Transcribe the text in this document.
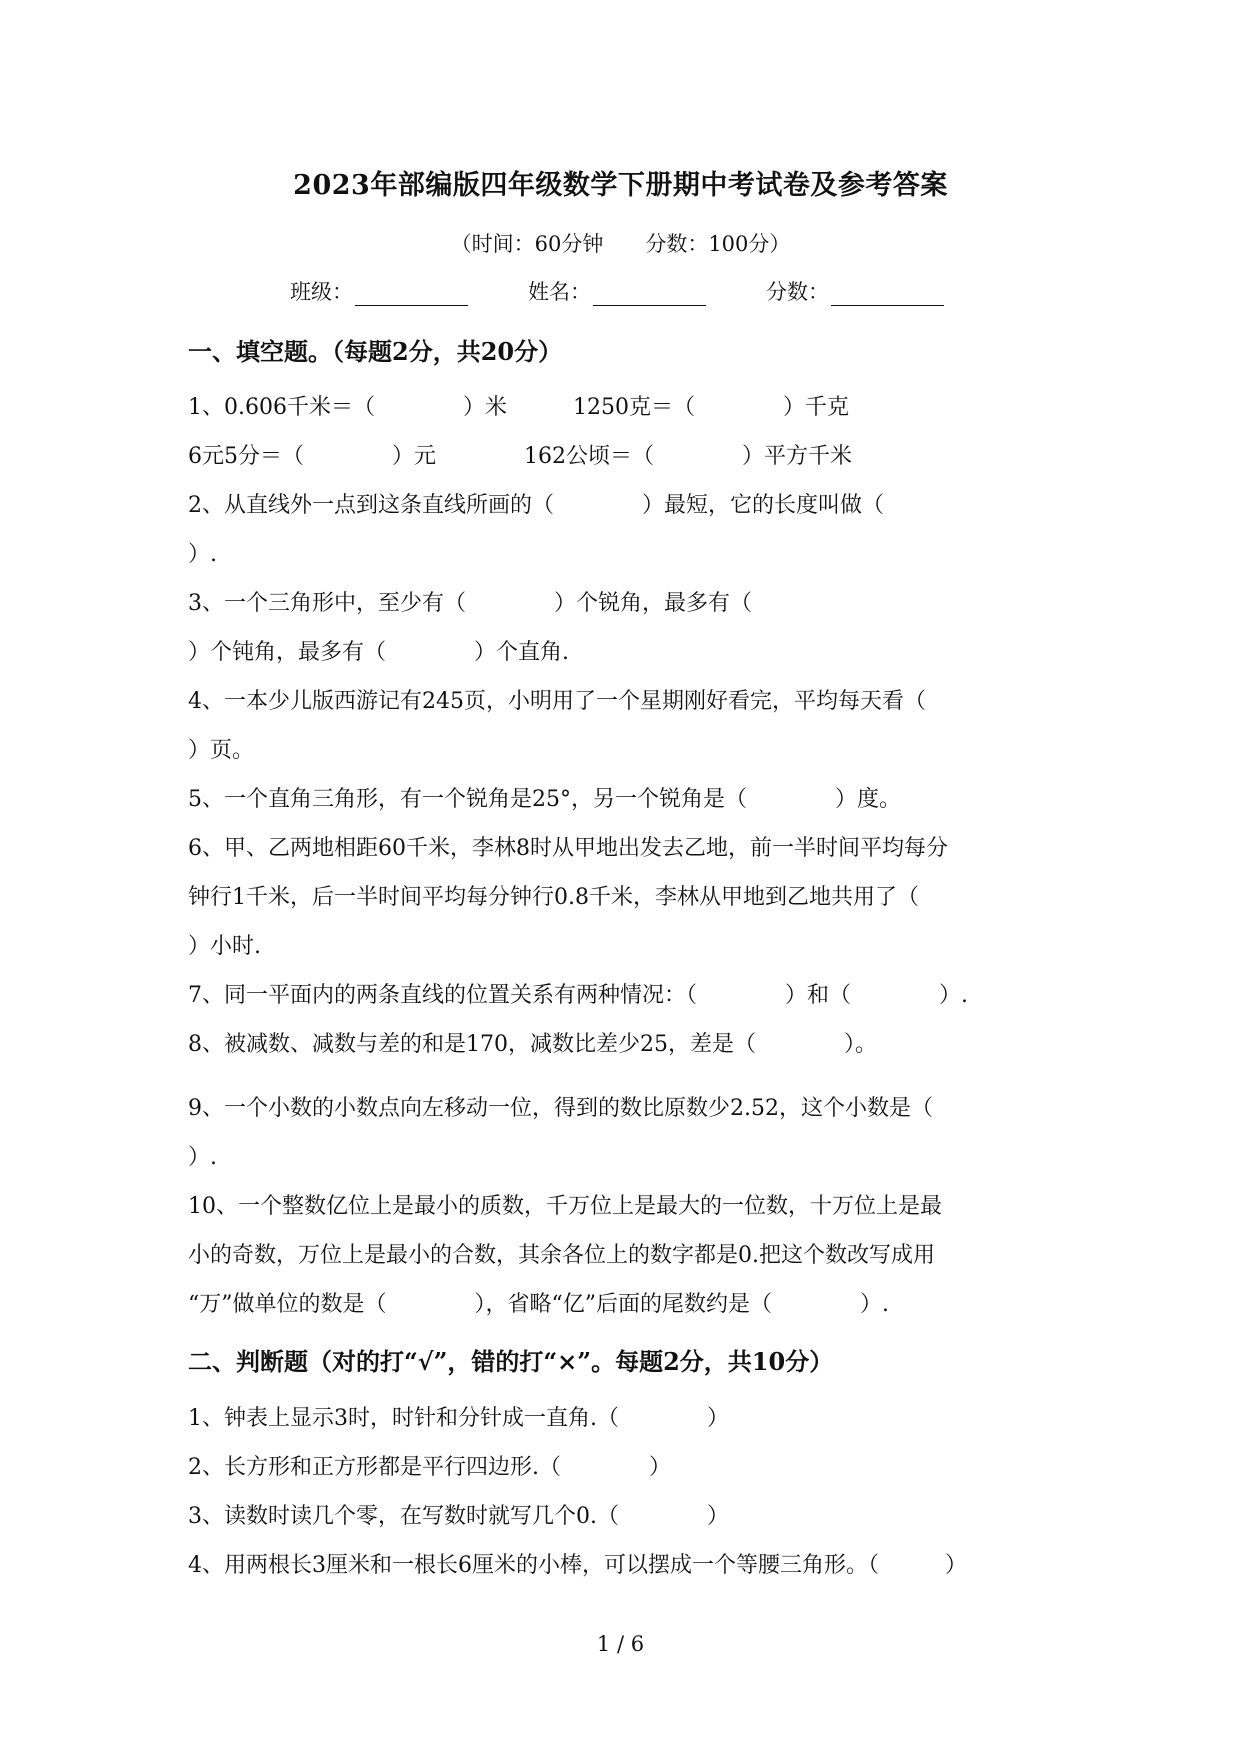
2023年部编版四年级数学下册期中考试卷及参考答案
（时间：60分钟　　分数：100分）
班级：	姓名：	分数：
一、填空题。（每题2分，共20分）
1、0.606千米＝（　　　　）米　　　1250克＝（　　　　）千克
6元5分＝（　　　　）元　　　　162公顷＝（　　　　）平方千米
2、从直线外一点到这条直线所画的（　　　　）最短，它的长度叫做（
）.
3、一个三角形中，至少有（　　　　）个锐角，最多有（
）个钝角，最多有（　　　　）个直角.
4、一本少儿版西游记有245页，小明用了一个星期刚好看完，平均每天看（
）页。
5、一个直角三角形，有一个锐角是25°，另一个锐角是（　　　　）度。
6、甲、乙两地相距60千米，李林8时从甲地出发去乙地，前一半时间平均每分
钟行1千米，后一半时间平均每分钟行0.8千米，李林从甲地到乙地共用了（
）小时.
7、同一平面内的两条直线的位置关系有两种情况：（　　　　）和（　　　　）.
8、被减数、减数与差的和是170，减数比差少25，差是（　　　　）。
9、一个小数的小数点向左移动一位，得到的数比原数少2.52，这个小数是（
）.
10、一个整数亿位上是最小的质数，千万位上是最大的一位数，十万位上是最
小的奇数，万位上是最小的合数，其余各位上的数字都是0.把这个数改写成用
“万”做单位的数是（　　　　），省略“亿”后面的尾数约是（　　　　）.
二、判断题（对的打“√”，错的打“×”。每题2分，共10分）
1、钟表上显示3时，时针和分针成一直角.（　　　　）
2、长方形和正方形都是平行四边形.（　　　　）
3、读数时读几个零，在写数时就写几个0.（　　　　）
4、用两根长3厘米和一根长6厘米的小棒，可以摆成一个等腰三角形。（　　　）
1 / 6
